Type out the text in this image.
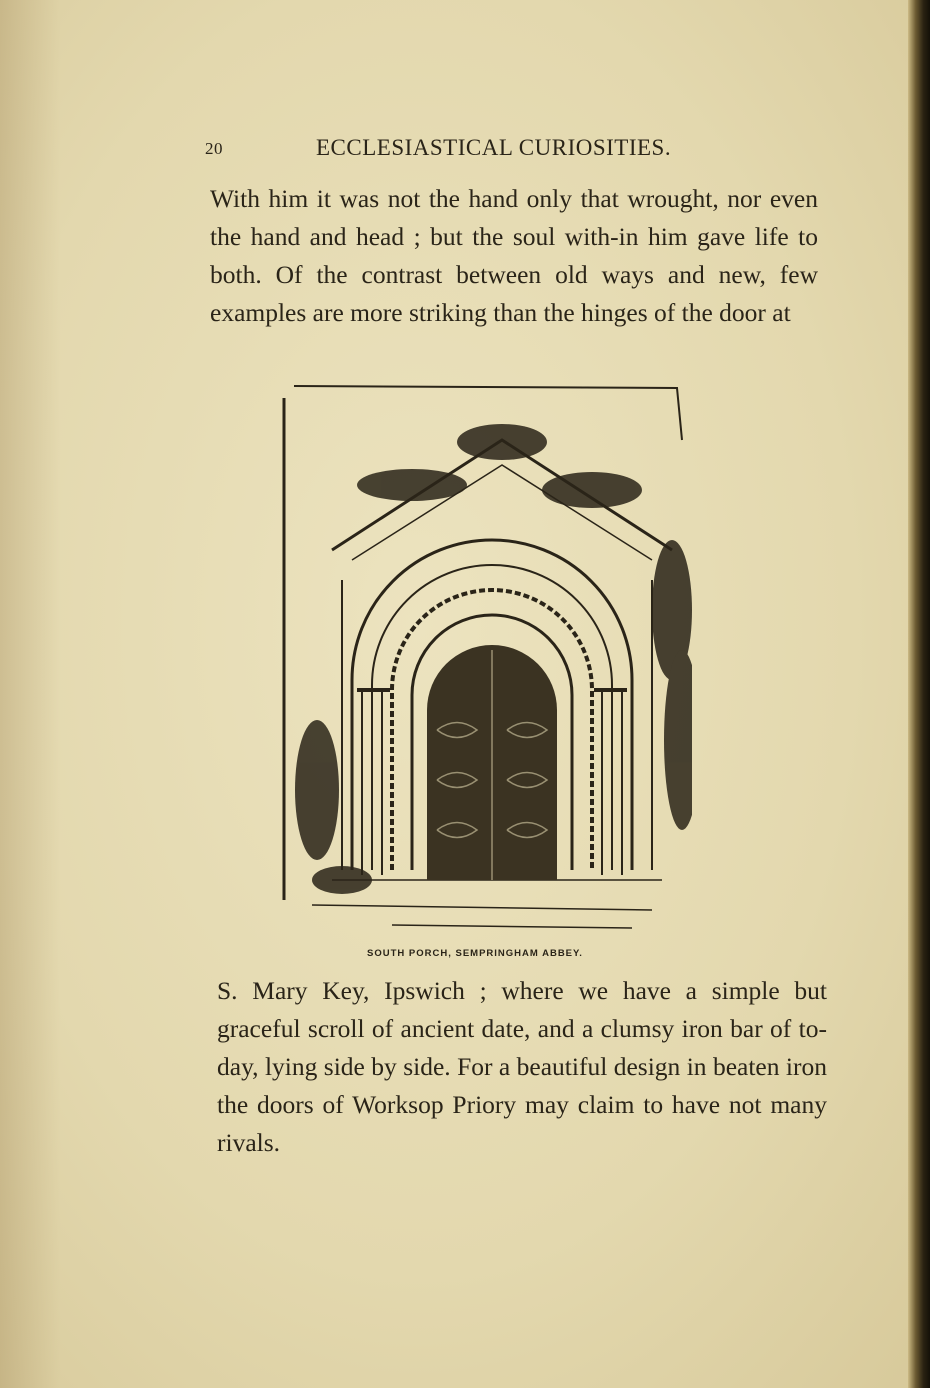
20	ECCLESIASTICAL CURIOSITIES.
With him it was not the hand only that wrought, nor even the hand and head ; but the soul with-in him gave life to both. Of the contrast between old ways and new, few examples are more striking than the hinges of the door at
SOUTH PORCH, SEMPRINGHAM ABBEY.
S. Mary Key, Ipswich ; where we have a simple but graceful scroll of ancient date, and a clumsy iron bar of to-day, lying side by side. For a beautiful design in beaten iron the doors of Worksop Priory may claim to have not many rivals.
